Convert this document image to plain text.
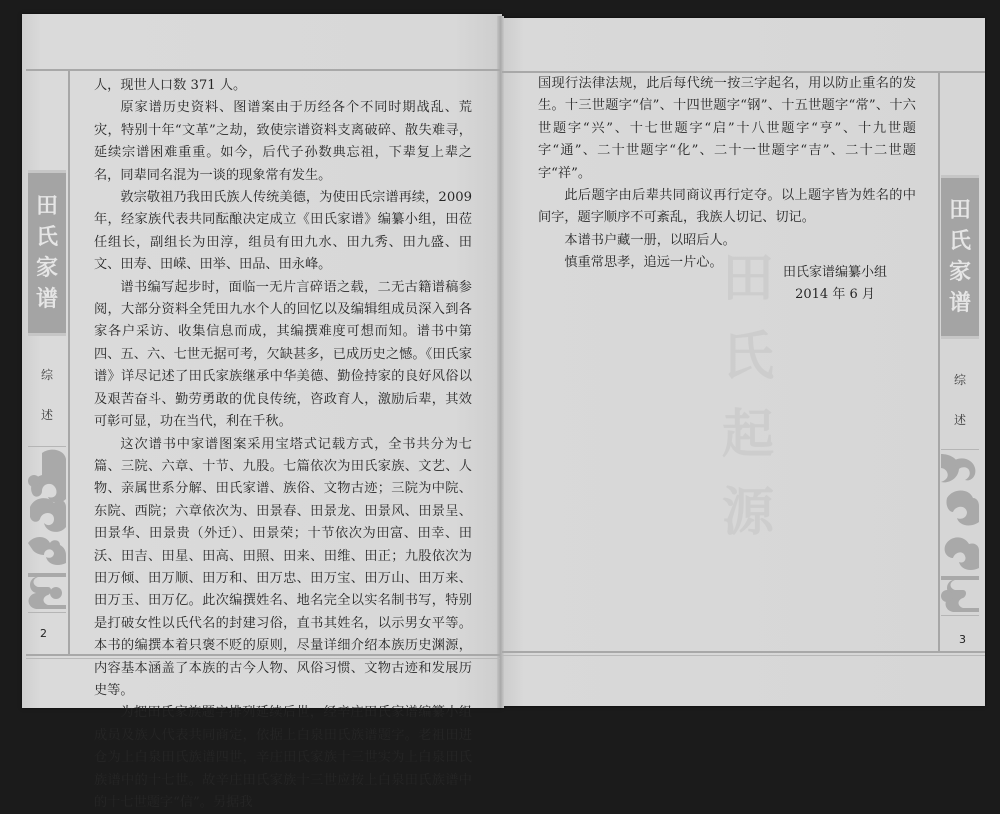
田
氏
家
谱
综
述
2
田
氏
家
谱
综
述
3
田
氏
起
源

人，现世人口数 371 人。

原家谱历史资料、图谱案由于历经各个不同时期战乱、荒灾，特别十年“文革”之劫，致使宗谱资料支离破碎、散失难寻，延续宗谱困难重重。如今，后代子孙数典忘祖，下辈复上辈之名，同辈同名混为一谈的现象常有发生。

敦宗敬祖乃我田氏族人传统美德，为使田氏宗谱再续，2009 年，经家族代表共同酝酿决定成立《田氏家谱》编纂小组，田莅任组长，副组长为田淳，组员有田九水、田九秀、田九盛、田文、田寿、田嵘、田举、田品、田永峰。

谱书编写起步时，面临一无片言碎语之载，二无古籍谱稿参阅，大部分资料全凭田九水个人的回忆以及编辑组成员深入到各家各户采访、收集信息而成，其编撰难度可想而知。谱书中第四、五、六、七世无据可考，欠缺甚多，已成历史之憾。《田氏家谱》详尽记述了田氏家族继承中华美德、勤俭持家的良好风俗以及艰苦奋斗、勤劳勇敢的优良传统，咨政育人，激励后辈，其效可彰可显，功在当代，利在千秋。

这次谱书中家谱图案采用宝塔式记载方式，全书共分为七篇、三院、六章、十节、九股。七篇依次为田氏家族、文艺、人物、亲属世系分解、田氏家谱、族俗、文物古迹；三院为中院、东院、西院；六章依次为、田景春、田景龙、田景风、田景呈、田景华、田景贵（外迁）、田景荣；十节依次为田富、田幸、田沃、田吉、田星、田高、田照、田来、田维、田正；九股依次为田万倾、田万顺、田万和、田万忠、田万宝、田万山、田万来、田万玉、田万亿。此次编撰姓名、地名完全以实名制书写，特别是打破女性以氏代名的封建习俗，直书其姓名，以示男女平等。本书的编撰本着只褒不贬的原则，尽量详细介绍本族历史渊源，内容基本涵盖了本族的古今人物、风俗习惯、文物古迹和发展历史等。

为把田氏家族题字排列延续后世，经辛庄田氏家谱编纂小组成员及族人代表共同商定，依据上白泉田氏族谱题字。老祖田进仓为上白泉田氏族谱四世，辛庄田氏家族十三世实为上白泉田氏族谱中的十七世。故辛庄田氏家族十三世应按上白泉田氏族谱中的十七世题字“信”。另据我

国现行法律法规，此后每代统一按三字起名，用以防止重名的发生。十三世题字“信”、十四世题字“钢”、十五世题字“常”、十六世题字“兴”、十七世题字“启”十八世题字“亨”、十九世题字“通”、二十世题字“化”、二十一世题字“吉”、二十二世题字“祥”。

此后题字由后辈共同商议再行定夺。以上题字皆为姓名的中间字，题字顺序不可紊乱，我族人切记、切记。

本谱书户藏一册，以昭后人。

慎重常思孝，追远一片心。

田氏家谱编纂小组
2014 年 6 月
